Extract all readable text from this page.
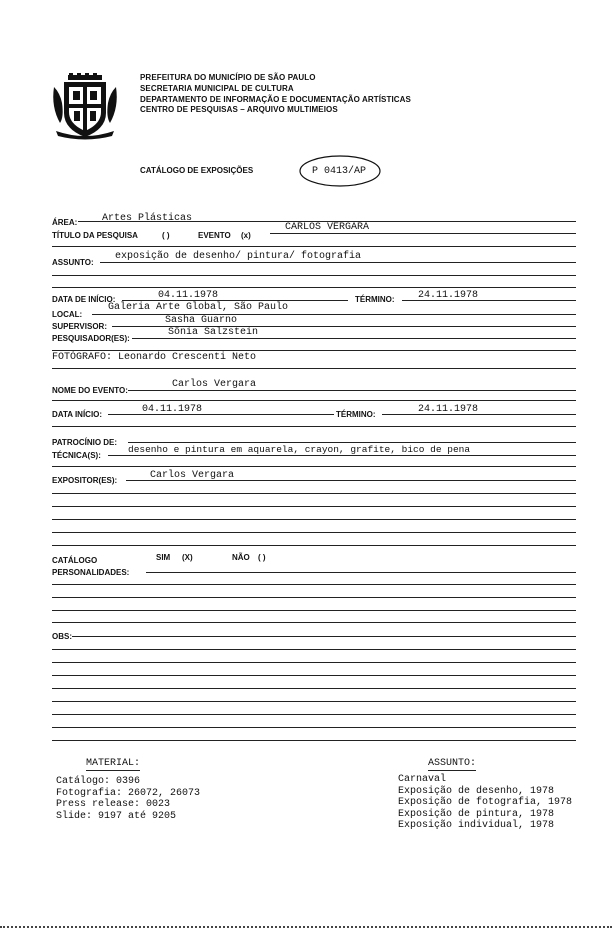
PREFEITURA DO MUNICÍPIO DE SÃO PAULO
SECRETARIA MUNICIPAL DE CULTURA
DEPARTAMENTO DE INFORMAÇÃO E DOCUMENTAÇÃO ARTÍSTICAS
CENTRO DE PESQUISAS – ARQUIVO MULTIMEIOS
CATÁLOGO DE EXPOSIÇÕES	P 0413/AP
ÁREA: Artes Plásticas
TÍTULO DA PESQUISA	( )	EVENTO (x)
CARLOS VERGARA
ASSUNTO:
exposição de desenho/ pintura/ fotografia
DATA DE INÍCIO:	04.11.1978	TÉRMINO: 24.11.1978
LOCAL:
Galeria Arte Global, São Paulo
SUPERVISOR:
Sasha Guarno
PESQUISADOR(ES):
Sônia Salzstein
FOTÓGRAFO: Leonardo Crescenti Neto
NOME DO EVENTO:
Carlos Vergara
DATA INÍCIO:	04.11.1978	TÉRMINO:	24.11.1978
PATROCÍNIO DE:
TÉCNICA(S):
desenho e pintura em aquarela, crayon, grafite, bico de pena
EXPOSITOR(ES):	Carlos Vergara
CATÁLOGO	SIM (X)	NÃO ( )
PERSONALIDADES:
OBS:
MATERIAL:
Catálogo: 0396
Fotografia: 26072, 26073
Press release: 0023
Slide: 9197 até 9205
ASSUNTO:
Carnaval
Exposição de desenho, 1978
Exposição de fotografia, 1978
Exposição de pintura, 1978
Exposição individual, 1978
